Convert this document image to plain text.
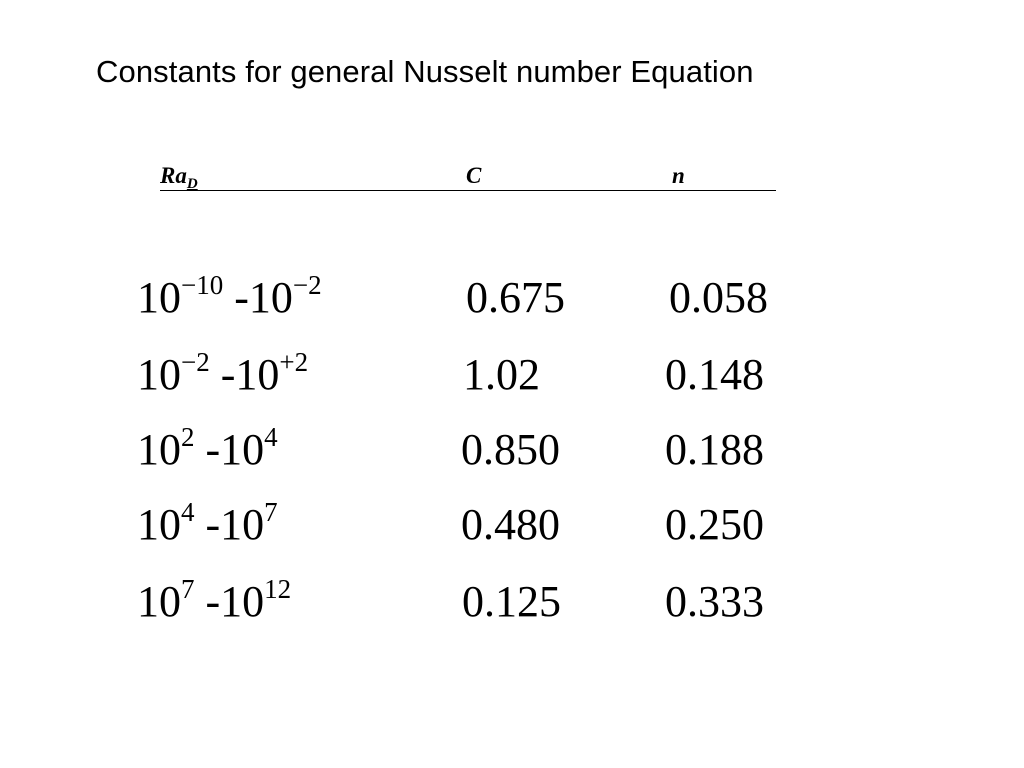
Constants for general Nusselt number Equation
$Ra_D$	C	n
$10^{-10}$ $-10^{-2}$	0.675 0.058
$10^{-2}$ $-10^{+2}$	1.02	0.148
$10^2$ $-10^4$	0.850 0.188
$10^4$ $-10^7$	0.480 0.250
$10^7$ $-10^{12}$	0.125 0.333
